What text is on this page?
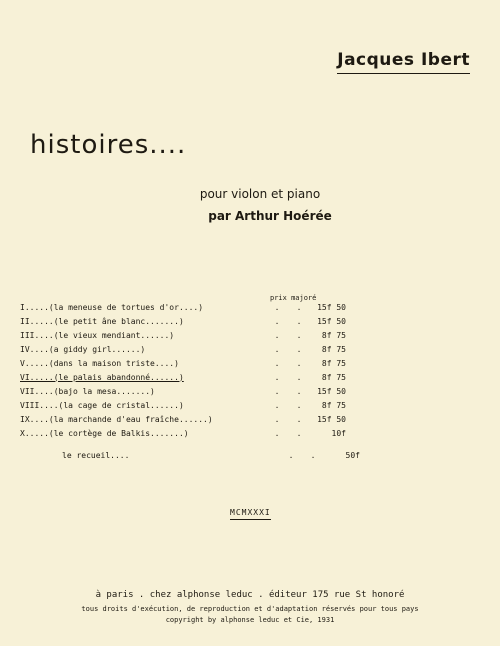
Jacques Ibert
histoires....
pour violon et piano
par Arthur Hoérée
prix majoré
I.....(la meneuse de tortues d'or....)	.	.	15f 50
II.....(le petit âne blanc.......)	.	.	15f 50
III....(le vieux mendiant......)	.	.	8f 75
IV....(a giddy girl......)	.	.	8f 75
V.....(dans la maison triste....)	.	.	8f 75
VI.....(le palais abandonné......)	.	.	8f 75
VII....(bajo la mesa.......)	.	.	15f 50
VIII....(la cage de cristal......)	.	.	8f 75
IX....(la marchande d'eau fraîche......)	.	.	15f 50
X.....(le cortège de Balkis.......)	.	.	10f
le recueil....	.	.	50f
MCMXXXI
à paris . chez alphonse leduc . éditeur 175 rue St honoré
tous droits d'exécution, de reproduction et d'adaptation réservés pour tous pays
copyright by alphonse leduc et Cie, 1931
